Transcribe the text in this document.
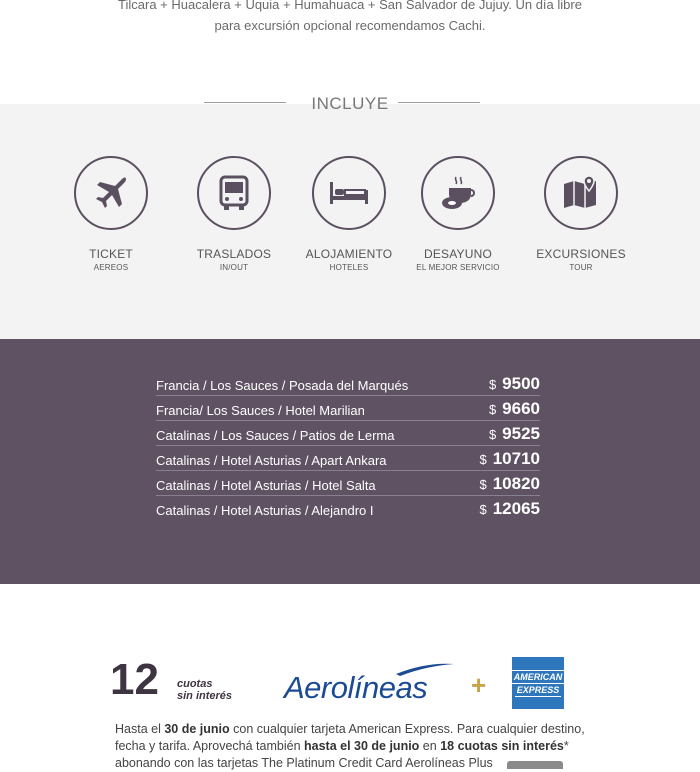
Tilcara + Huacalera + Uquia + Humahuaca + San Salvador de Jujuy. Un día libre
para excursión opcional recomendamos Cachi.
INCLUYE
TICKET
AEREOS
TRASLADOS
IN/OUT
ALOJAMIENTO
HOTELES
DESAYUNO
EL MEJOR SERVICIO
EXCURSIONES
TOUR
Francia / Los Sauces / Posada del Marqués	$ 9500
Francia/ Los Sauces / Hotel Marilian	$ 9660
Catalinas / Los Sauces / Patios de Lerma	$ 9525
Catalinas / Hotel Asturias / Apart Ankara	$ 10710
Catalinas / Hotel Asturias / Hotel Salta	$ 10820
Catalinas / Hotel Asturias / Alejandro I	$ 12065
12 cuotas
sin interés Aerolíneas +	AMERICAN
EXPRESS
Hasta el 30 de junio con cualquier tarjeta American Express. Para cualquier destino, fecha y tarifa. Aprovechá también hasta el 30 de junio en 18 cuotas sin interés* abonando con las tarjetas The Platinum Credit Card Aerolíneas Plus
